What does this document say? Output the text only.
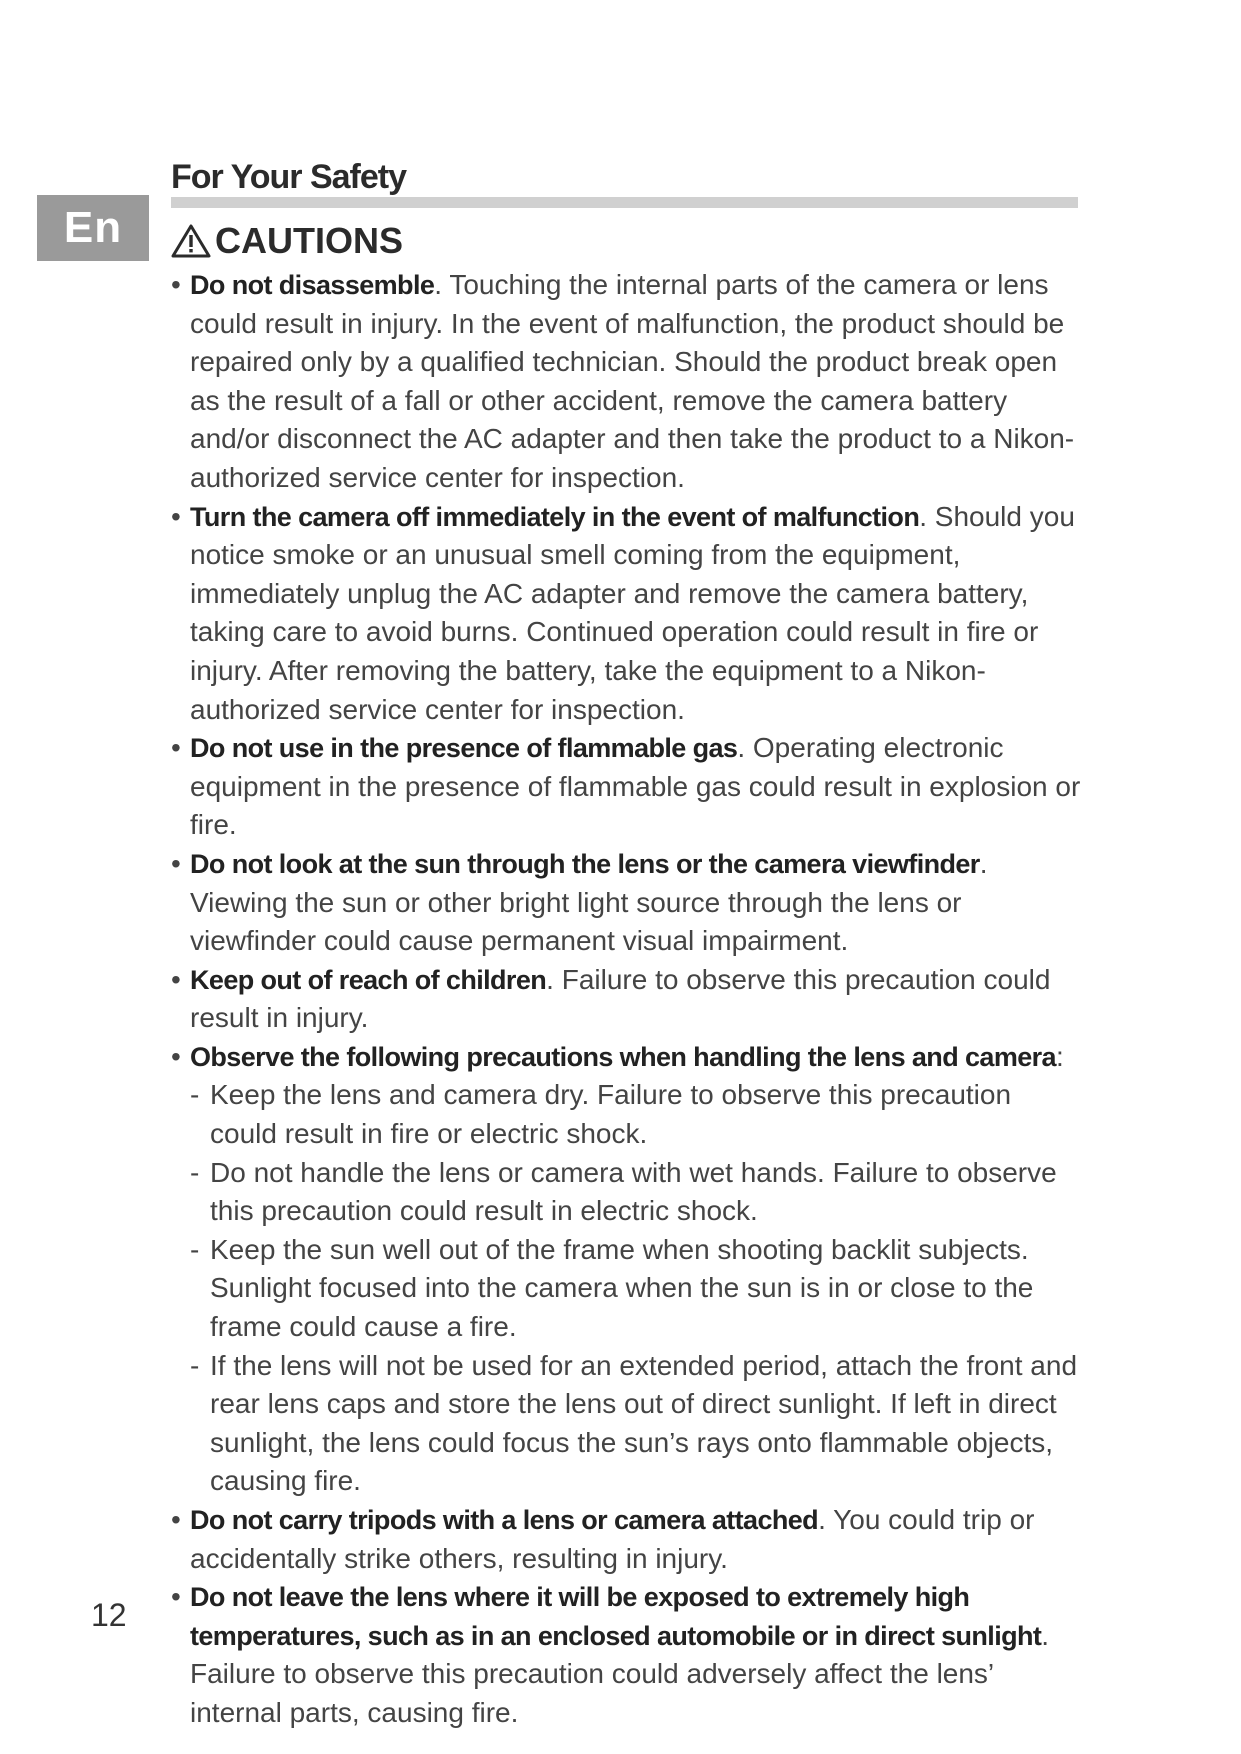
For Your Safety
En	CAUTIONS
• Do not disassemble. Touching the internal parts of the camera or lens could result in injury. In the event of malfunction, the product should be repaired only by a qualified technician. Should the product break open as the result of a fall or other accident, remove the camera battery and/or disconnect the AC adapter and then take the product to a Nikon-authorized service center for inspection.
• Turn the camera off immediately in the event of malfunction. Should you notice smoke or an unusual smell coming from the equipment, immediately unplug the AC adapter and remove the camera battery, taking care to avoid burns. Continued operation could result in fire or injury. After removing the battery, take the equipment to a Nikon-authorized service center for inspection.
• Do not use in the presence of flammable gas. Operating electronic equipment in the presence of flammable gas could result in explosion or fire.
• Do not look at the sun through the lens or the camera viewfinder. Viewing the sun or other bright light source through the lens or viewfinder could cause permanent visual impairment.
• Keep out of reach of children. Failure to observe this precaution could result in injury.
• Observe the following precautions when handling the lens and camera:
- Keep the lens and camera dry. Failure to observe this precaution could result in fire or electric shock.
- Do not handle the lens or camera with wet hands. Failure to observe this precaution could result in electric shock.
- Keep the sun well out of the frame when shooting backlit subjects. Sunlight focused into the camera when the sun is in or close to the frame could cause a fire.
- If the lens will not be used for an extended period, attach the front and rear lens caps and store the lens out of direct sunlight. If left in direct sunlight, the lens could focus the sun’s rays onto flammable objects, causing fire.
• Do not carry tripods with a lens or camera attached. You could trip or accidentally strike others, resulting in injury.
• Do not leave the lens where it will be exposed to extremely high temperatures, such as in an enclosed automobile or in direct sunlight. Failure to observe this precaution could adversely affect the lens’ internal parts, causing fire.
12
